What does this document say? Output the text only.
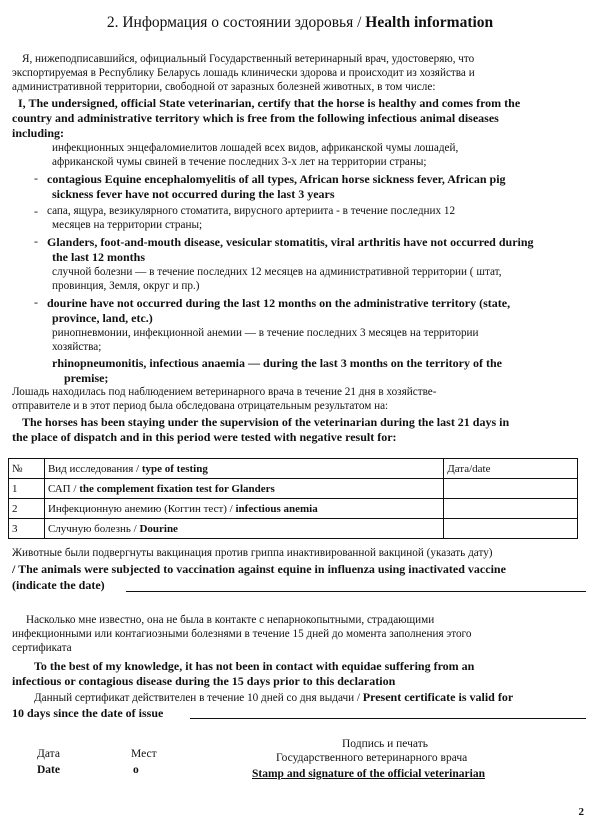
2. Информация о состоянии здоровья / Health information
Я, нижеподписавшийся, официальный Государственный ветеринарный врач, удостоверяю, что
экспортируемая в Республику Беларусь лошадь клинически здорова и происходит из хозяйства и
административной территории, свободной от заразных болезней животных, в том числе:
I, The undersigned, official State veterinarian, certify that the horse is healthy and comes from the
country and administrative territory which is free from the following infectious animal diseases
including:
инфекционных энцефаломиелитов лошадей всех видов, африканской чумы лошадей,
африканской чумы свиней в течение последних 3-х лет на территории страны;
- contagious Equine encephalomyelitis of all types, African horse sickness fever, African pig
sickness fever have not occurred during the last 3 years
- сапа, ящура, везикулярного стоматита, вирусного артериита - в течение последних 12
месяцев на территории страны;
- Glanders, foot-and-mouth disease, vesicular stomatitis, viral arthritis have not occurred during
the last 12 months
случной болезни — в течение последних 12 месяцев на административной территории ( штат,
провинция, Земля, округ и пр.)
- dourine have not occurred during the last 12 months on the administrative territory (state,
province, land, etc.)
ринопневмонии, инфекционной анемии — в течение последних 3 месяцев на территории
хозяйства;
rhinopneumonitis, infectious anaemia — during the last 3 months on the territory of the
premise;
Лошадь находилась под наблюдением ветеринарного врача в течение 21 дня в хозяйстве-
отправителе и в этот период была обследована отрицательным результатом на:
The horses has been staying under the supervision of the veterinarian during the last 21 days in
the place of dispatch and in this period were tested with negative result for:
№	Вид исследования / type of testing	Дата/date
1	САП / the complement fixation test for Glanders	
2	Инфекционную анемию (Коггин тест) / infectious anemia	
3	Случную болезнь / Dourine	
Животные были подвергнуты вакцинация против гриппа инактивированной вакциной (указать дату)
/ The animals were subjected to vaccination against equine in influenza using inactivated vaccine
(indicate the date)
Насколько мне известно, она не была в контакте с непарнокопытными, страдающими
инфекционными или контагиозными болезнями в течение 15 дней до момента заполнения этого
сертификата
To the best of my knowledge, it has not been in contact with equidae suffering from an
infectious or contagious disease during the 15 days prior to this declaration
Данный сертификат действителен в течение 10 дней со дня выдачи / Present certificate is valid for
10 days since the date of issue
Дата
Date
Мест
о
Подпись и печать
Государственного ветеринарного врача
Stamp and signature of the official veterinarian
2
